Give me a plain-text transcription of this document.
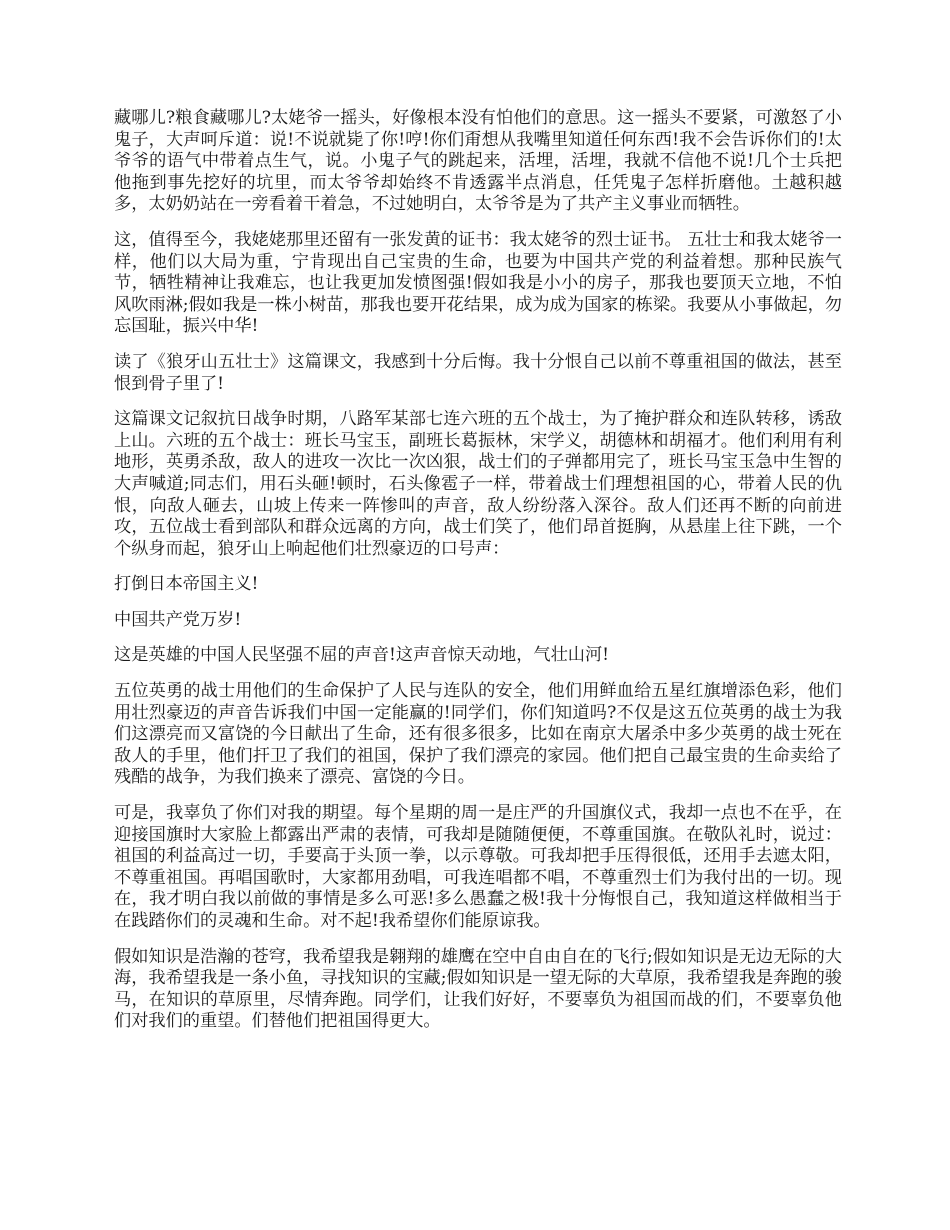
藏哪儿?粮食藏哪儿?太姥爷一摇头，好像根本没有怕他们的意思。这一摇头不要紧，可激怒了小鬼子，大声呵斥道：说!不说就毙了你!哼!你们甭想从我嘴里知道任何东西!我不会告诉你们的!太爷爷的语气中带着点生气，说。小鬼子气的跳起来，活埋，活埋，我就不信他不说!几个士兵把他拖到事先挖好的坑里，而太爷爷却始终不肯透露半点消息，任凭鬼子怎样折磨他。土越积越多，太奶奶站在一旁看着干着急，不过她明白，太爷爷是为了共产主义事业而牺牲。

这，值得至今，我姥姥那里还留有一张发黄的证书：我太姥爷的烈士证书。 五壮士和我太姥爷一样，他们以大局为重，宁肯现出自己宝贵的生命，也要为中国共产党的利益着想。那种民族气节，牺牲精神让我难忘，也让我更加发愤图强!假如我是小小的房子，那我也要顶天立地，不怕风吹雨淋;假如我是一株小树苗，那我也要开花结果，成为成为国家的栋梁。我要从小事做起，勿忘国耻，振兴中华!

读了《狼牙山五壮士》这篇课文，我感到十分后悔。我十分恨自己以前不尊重祖国的做法，甚至恨到骨子里了!

这篇课文记叙抗日战争时期，八路军某部七连六班的五个战士，为了掩护群众和连队转移，诱敌上山。六班的五个战士：班长马宝玉，副班长葛振林，宋学义，胡德林和胡福才。他们利用有利地形，英勇杀敌，敌人的进攻一次比一次凶狠，战士们的子弹都用完了，班长马宝玉急中生智的大声喊道;同志们，用石头砸!顿时，石头像雹子一样，带着战士们理想祖国的心，带着人民的仇恨，向敌人砸去，山坡上传来一阵惨叫的声音，敌人纷纷落入深谷。敌人们还再不断的向前进攻，五位战士看到部队和群众远离的方向，战士们笑了，他们昂首挺胸，从悬崖上往下跳，一个个纵身而起，狼牙山上响起他们壮烈豪迈的口号声：

打倒日本帝国主义!

中国共产党万岁!

这是英雄的中国人民坚强不屈的声音!这声音惊天动地，气壮山河!

五位英勇的战士用他们的生命保护了人民与连队的安全，他们用鲜血给五星红旗增添色彩，他们用壮烈豪迈的声音告诉我们中国一定能赢的!同学们，你们知道吗?不仅是这五位英勇的战士为我们这漂亮而又富饶的今日献出了生命，还有很多很多，比如在南京大屠杀中多少英勇的战士死在敌人的手里，他们扞卫了我们的祖国，保护了我们漂亮的家园。他们把自己最宝贵的生命卖给了残酷的战争，为我们换来了漂亮、富饶的今日。

可是，我辜负了你们对我的期望。每个星期的周一是庄严的升国旗仪式，我却一点也不在乎，在迎接国旗时大家脸上都露出严肃的表情，可我却是随随便便，不尊重国旗。在敬队礼时，说过：祖国的利益高过一切，手要高于头顶一拳，以示尊敬。可我却把手压得很低，还用手去遮太阳，不尊重祖国。再唱国歌时，大家都用劲唱，可我连唱都不唱，不尊重烈士们为我付出的一切。现在，我才明白我以前做的事情是多么可恶!多么愚蠢之极!我十分悔恨自己，我知道这样做相当于在践踏你们的灵魂和生命。对不起!我希望你们能原谅我。

假如知识是浩瀚的苍穹，我希望我是翱翔的雄鹰在空中自由自在的飞行;假如知识是无边无际的大海，我希望我是一条小鱼，寻找知识的宝藏;假如知识是一望无际的大草原，我希望我是奔跑的骏马，在知识的草原里，尽情奔跑。同学们，让我们好好，不要辜负为祖国而战的们，不要辜负他们对我们的重望。们替他们把祖国得更大。
